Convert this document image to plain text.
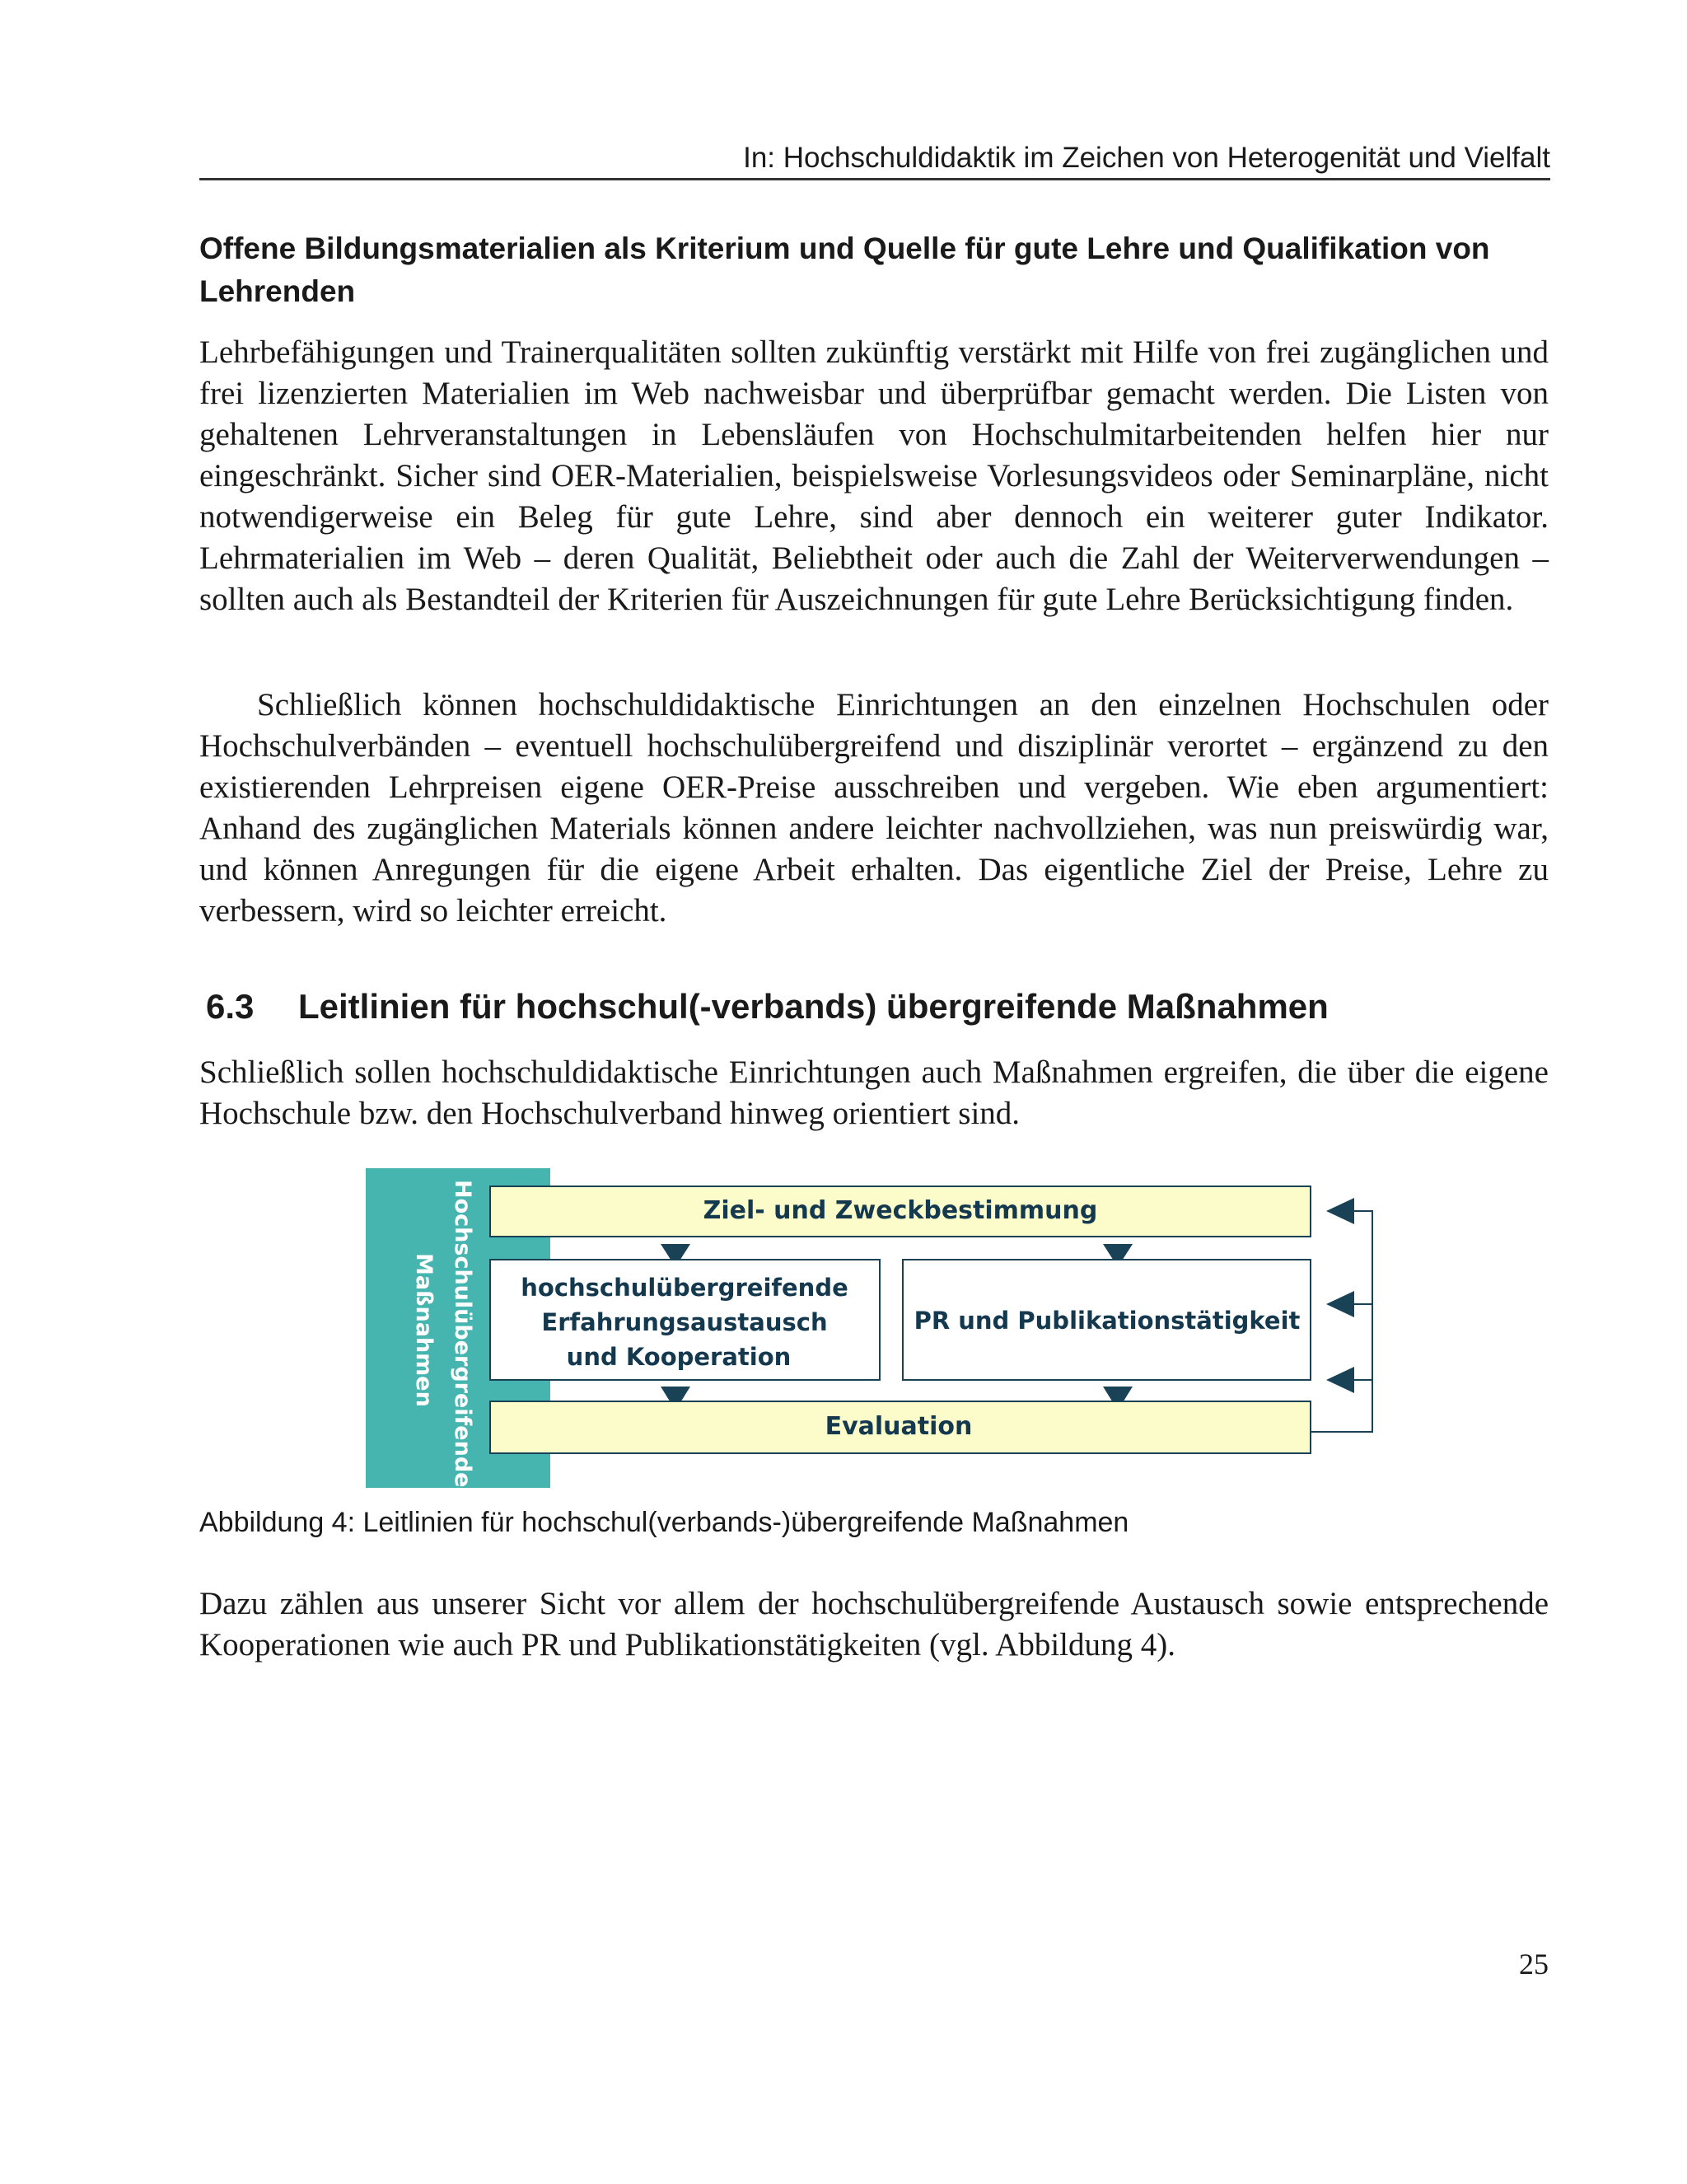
In: Hochschuldidaktik im Zeichen von Heterogenität und Vielfalt
Offene Bildungsmaterialien als Kriterium und Quelle für gute Lehre und Qualifikation von Lehrenden

Lehrbefähigungen und Trainerqualitäten sollten zukünftig verstärkt mit Hilfe von frei zugänglichen und frei lizenzierten Materialien im Web nachweisbar und überprüfbar gemacht werden. Die Listen von gehaltenen Lehrveranstaltungen in Lebensläufen von Hochschulmitarbeitenden helfen hier nur eingeschränkt. Sicher sind OER-Materialien, beispielsweise Vorlesungsvideos oder Seminarpläne, nicht notwendigerweise ein Beleg für gute Lehre, sind aber dennoch ein weiterer guter Indikator. Lehrmaterialien im Web – deren Qualität, Beliebtheit oder auch die Zahl der Weiterverwendungen – sollten auch als Bestandteil der Kriterien für Auszeichnungen für gute Lehre Berücksichtigung finden.

Schließlich können hochschuldidaktische Einrichtungen an den einzelnen Hochschulen oder Hochschulverbänden – eventuell hochschulübergreifend und disziplinär verortet – ergänzend zu den existierenden Lehrpreisen eigene OER-Preise ausschreiben und vergeben. Wie eben argumentiert: Anhand des zugänglichen Materials können andere leichter nachvollziehen, was nun preiswürdig war, und können Anregungen für die eigene Arbeit erhalten. Das eigentliche Ziel der Preise, Lehre zu verbessern, wird so leichter erreicht.

6.3 Leitlinien für hochschul(-verbands) übergreifende Maßnahmen

Schließlich sollen hochschuldidaktische Einrichtungen auch Maßnahmen ergreifen, die über die eigene Hochschule bzw. den Hochschulverband hinweg orientiert sind.

Hochschulübergreifende
Maßnahmen
Ziel- und Zweckbestimmung
hochschulübergreifende
Erfahrungsaustausch
und Kooperation
PR und Publikationstätigkeit
Evaluation

Abbildung 4: Leitlinien für hochschul(verbands-)übergreifende Maßnahmen

Dazu zählen aus unserer Sicht vor allem der hochschulübergreifende Austausch sowie entsprechende Kooperationen wie auch PR und Publikationstätigkeiten (vgl. Abbildung 4).

25
